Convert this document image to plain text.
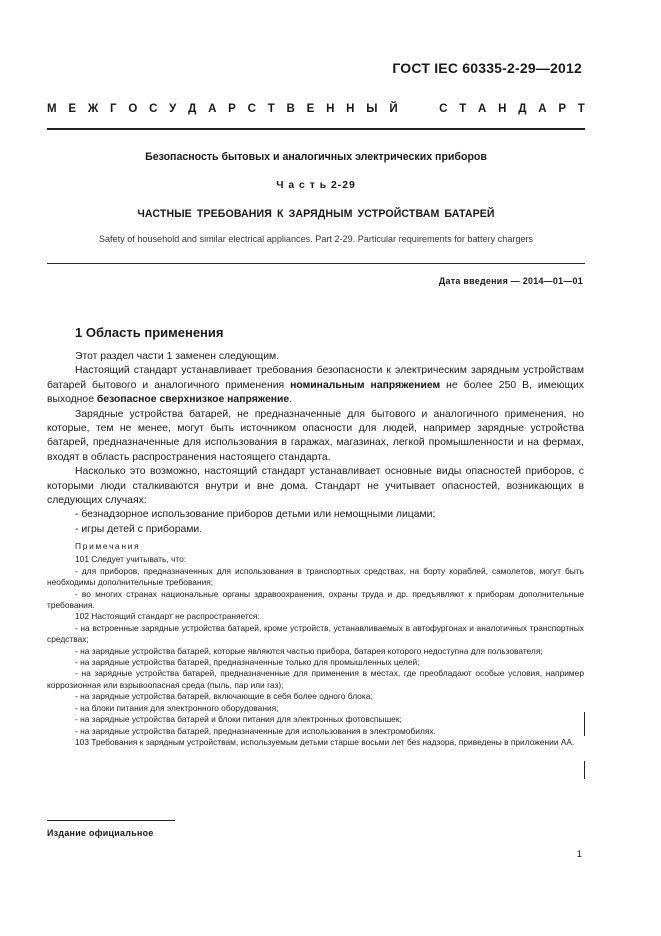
ГОСТ IEC 60335-2-29—2012
М Е Ж Г О С У Д А Р С Т В Е Н Н Ы Й	С Т А Н Д А Р Т
Безопасность бытовых и аналогичных электрических приборов
Ч а с т ь 2-29
ЧАСТНЫЕ ТРЕБОВАНИЯ К ЗАРЯДНЫМ УСТРОЙСТВАМ БАТАРЕЙ
Safety of household and similar electrical appliances. Part 2-29. Particular requirements for battery chargers
Дата введения — 2014—01—01
1 Область применения

Этот раздел части 1 заменен следующим.

Настоящий стандарт устанавливает требования безопасности к электрическим зарядным устройствам батарей бытового и аналогичного применения номинальным напряжением не более 250 В, имеющих выходное безопасное сверхнизкое напряжение.

Зарядные устройства батарей, не предназначенные для бытового и аналогичного применения, но которые, тем не менее, могут быть источником опасности для людей, например зарядные устройства батарей, предназначенные для использования в гаражах, магазинах, легкой промышленности и на фермах, входят в область распространения настоящего стандарта.

Насколько это возможно, настоящий стандарт устанавливает основные виды опасностей приборов, с которыми люди сталкиваются внутри и вне дома. Стандарт не учитывает опасностей, возникающих в следующих случаях:

- безнадзорное использование приборов детьми или немощными лицами;

- игры детей с приборами.

Примечания

101 Следует учитывать, что:

- для приборов, предназначенных для использования в транспортных средствах, на борту кораблей, самолетов, могут быть необходимы дополнительные требования;

- во многих странах национальные органы здравоохранения, охраны труда и др. предъявляют к приборам дополнительные требования.

102 Настоящий стандарт не распространяется:

- на встроенные зарядные устройства батарей, кроме устройств, устанавливаемых в автофургонах и аналогичных транспортных средствах;

- на зарядные устройства батарей, которые являются частью прибора, батарея которого недоступна для пользователя;

- на зарядные устройства батарей, предназначенные только для промышленных целей;

- на зарядные устройства батарей, предназначенные для применения в местах, где преобладают особые условия, например коррозионная или взрывоопасная среда (пыль, пар или газ);

- на зарядные устройства батарей, включающие в себя более одного блока;

- на блоки питания для электронного оборудования;

- на зарядные устройства батарей и блоки питания для электронных фотовспышек;

- на зарядные устройства батарей, предназначенные для использования в электромобилях.

103 Требования к зарядным устройствам, используемым детьми старше восьми лет без надзора, приведены в приложении АА.

Издание официальное
1
